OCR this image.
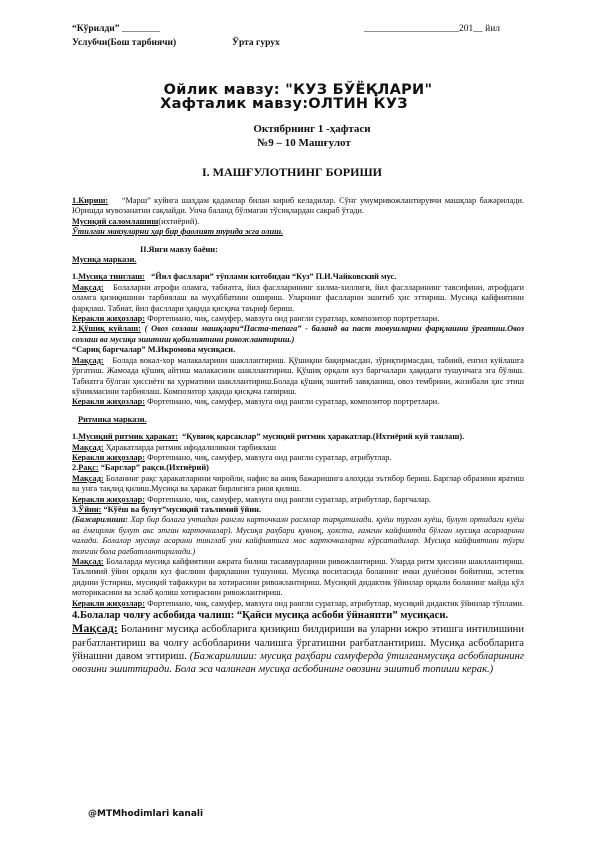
“Кўрилди” ________	____________________201__ йил
Услубчи(Бош тарбиячи)	Ўрта гурух
Ойлик мавзу: "КУЗ БЎЁҚЛАРИ"
Хафталик мавзу:ОЛТИН КУЗ
Октябрнинг 1 -ҳафтаси
№9 – 10 Машғулот
I. МАШҒУЛОТНИНГ БОРИШИ

1.Кириш: “Марш” куйига шаҳдам қадамлар билан кириб келадилар. Сўнг умумривожлантирувчи машқлар бажарилади. Юришда мувозанатни сақлайди. Унча баланд бўлмаган тўсиқлардан сакраб ўтади.

Мусиқий саломлашиш(ихтиёрий).

Ўтилган мавзуларни ҳар бир фаолият турида эсга олиш.

II.Янги мавзу баёни:

Мусиқа маркази.

1.Мусиқа тинглаш: “Йил фасллари” тўплами китобидан “Куз” П.И.Чайковский мус.

Мақсад: Болаларни атрофи оламга, табиатга, йил фаслларининг хилма-хиллиги, йил фаслларининг тавсифини, атрофдаги оламга қизиқишини тарбиялаш ва муҳаббатини ошириш. Уларнинг фаслларни эшитиб ҳис эттириш. Мусиқа кайфиятини фарқлаш. Табиат, йил фасллари ҳақида қисқача таъриф бериш.

Керакли жиҳозлар: Фортепиано, чиқ, самуфер, мавзуга оид рангли суратлар, композитор портретлари.

2.Қўшиқ куйлаш: ( Овоз созлаш машқлари“Паста-тепага” - баланд ва паст товушларни фарқлашни ўргатиш.Овоз созлаш ва мусиқа эшитиш қобилиятини ривожлантириш.)

“Сариқ баргчалар” М.Икромова мусиқаси.

Мақсад: Болада вокал-хор малакаларини шакллантириш. Қўшиқни бақирмасдан, зўриқтирмасдан, табиий, енгил куйлашга ўргатиш. Жамоада қўшиқ айтиш малакасини шакллантириш. Қўшиқ орқали куз баргчалари ҳақидаги тушунчага эга бўлиш. Табиатга бўлган ҳиссиётн ва ҳурматини шакллантириш.Болада қўшиқ эшитиб завқланиш, овоз тембрини, жозибали ҳис этиш кўникмасини тарбиялаш. Композитор ҳақида қисқача гапириш.

Керакли жиҳозлар: Фортепиано, чиқ, самуфер, мавзуга оид рангли суратлар, композитор портретлари.

Ритмика маркази.

1.Мусиқий ритмик ҳаракат: “Қувноқ қарсаклар” мусиқий ритмик ҳаракатлар.(Ихтиёрий куй танлаш).

Мақсад: Ҳаракатларда ритмик ифодалиликни тарбиялаш

Керакли жиҳозлар: Фортепиано, чиқ, самуфер, мавзуга оид рангли суратлар, атрибутлар.

2.Рақс: “Барглар” рақси.(Ихтиёрий)

Мақсад: Боланинг рақс ҳаракатларини чиройли, нафис ва аниқ бажаришига алоҳида эътибор бериш. Барглар образини яратиш ва унга тақлид қилиш.Мусиқа ва ҳаракат бирлигига риоя қилиш.

Керакли жиҳозлар: Фортепиано, чиқ, самуфер, мавзуга оид рангли суратлар, атрибутлар, баргчалар.

3.Ўйин: “Кўёш ва булут”мусиқий таълимий ўйин.

(Бажарилиши: Хар бир болага учтадан рангли карточкалн расмлар тарқатилади. қуёш турган куёш, булут ортидаги куёш ва ёмғирлик булут акс этган карточкалар). Мусиқа раҳбари қувноқ, ҳохста, ғамгин кайфиятда бўлган мусиқа асарларини чалади. Болалар мусиқа асарини тинглаб уни кайфиятига мос карточкаларни кўрсатадилар. Мусиқа кайфиятини тўғри топган бола рағбатлантирилади.)

Мақсад: Болаларда мусиқа кайфиятини ажрата билиш тасаввурларини ривожлантириш. Уларда ритм ҳиссини шакллантириш. Таълимий ўйин орқали куз фаслини фарқлашни тушуниш. Мусиқа воситасида боланинг ички дунёсини бойитиш, эстетик дидини ўстириш, мусиқий тафаккури ва хотирасини ривожлантириш. Мусиқий дидактик ўйинлар орқали боланинг майда қўл моторикасини ва эслаб қолиш хотирасини ривожлантириш.

Керакли жиҳозлар: Фортепиано, чиқ, самуфер, мавзуга оид рангли суратлар, атрибутлар, мусиқий дидактик ўйинлар тўплами.

4.Болалар чолғу асбобида чалиш: “Қайси мусиқа асбоби ўйнаяпти” мусиқаси.

Мақсад: Боланинг мусиқа асбобларига қизиқиш билдириши ва уларни ижро этишга интилишини рағбатлантириш ва чолғу асбобларини чалишга ўргатишни рағбатлантириш. Мусиқа асбобларига ўйнашни давом эттириш. (Бажарилиши: мусиқа раҳбари самуферда ўтилганмусиқа асбобларининг овозини эшиттиради. Бола эса чалинган мусиқа асбобининг овозини эшитиб топиши керак.)

@MTMhodimlari kanali
